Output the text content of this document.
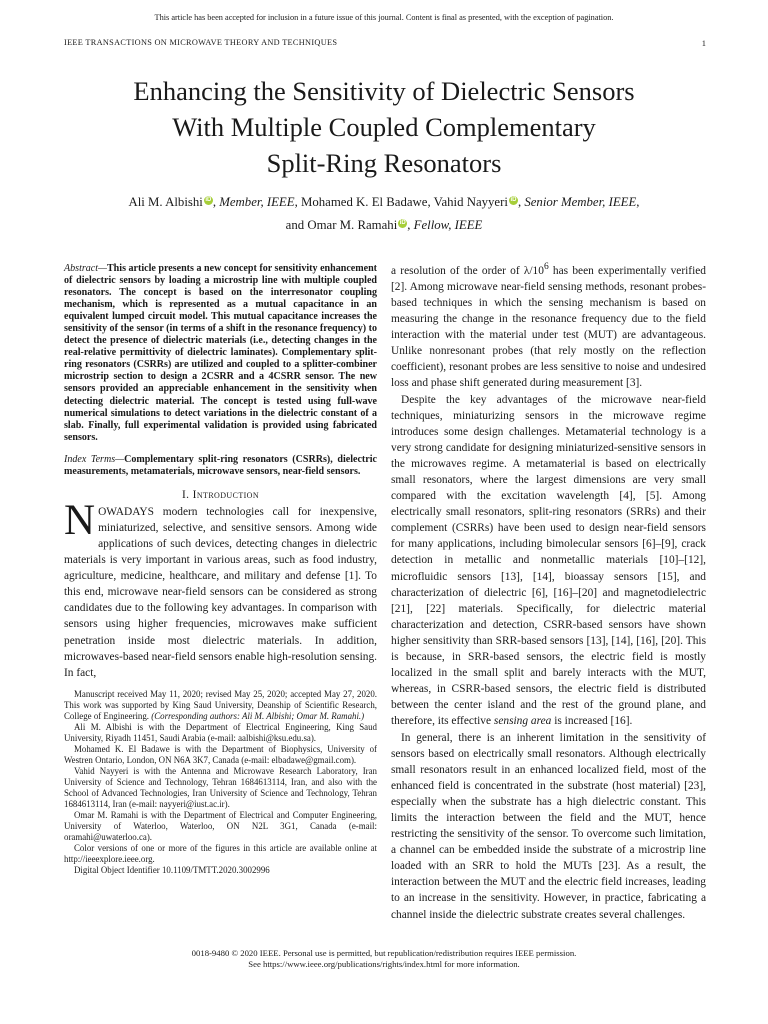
This article has been accepted for inclusion in a future issue of this journal. Content is final as presented, with the exception of pagination.
IEEE TRANSACTIONS ON MICROWAVE THEORY AND TECHNIQUES	1
Enhancing the Sensitivity of Dielectric Sensors
With Multiple Coupled Complementary
Split-Ring Resonators
Ali M. Albishi iD , Member, IEEE, Mohamed K. El Badawe, Vahid Nayyeri iD , Senior Member, IEEE,
and Omar M. Ramahi iD , Fellow, IEEE

Abstract—This article presents a new concept for sensitivity enhancement of dielectric sensors by loading a microstrip line with multiple coupled resonators. The concept is based on the interresonator coupling mechanism, which is represented as a mutual capacitance in an equivalent lumped circuit model. This mutual capacitance increases the sensitivity of the sensor (in terms of a shift in the resonance frequency) to detect the presence of dielectric materials (i.e., detecting changes in the real-relative permittivity of dielectric laminates). Complementary split-ring resonators (CSRRs) are utilized and coupled to a splitter-combiner microstrip section to design a 2CSRR and a 4CSRR sensor. The new sensors provided an appreciable enhancement in the sensitivity when detecting dielectric material. The concept is tested using full-wave numerical simulations to detect variations in the dielectric constant of a slab. Finally, full experimental validation is provided using fabricated sensors.

Index Terms—Complementary split-ring resonators (CSRRs), dielectric measurements, metamaterials, microwave sensors, near-field sensors.

I. Introduction

NOWADAYS modern technologies call for inexpensive, miniaturized, selective, and sensitive sensors. Among wide applications of such devices, detecting changes in dielectric materials is very important in various areas, such as food industry, agriculture, medicine, healthcare, and military and defense [1]. To this end, microwave near-field sensors can be considered as strong candidates due to the following key advantages. In comparison with sensors using higher frequencies, microwaves make sufficient penetration inside most dielectric materials. In addition, microwaves-based near-field sensors enable high-resolution sensing. In fact,

Manuscript received May 11, 2020; revised May 25, 2020; accepted May 27, 2020. This work was supported by King Saud University, Deanship of Scientific Research, College of Engineering. (Corresponding authors: Ali M. Albishi; Omar M. Ramahi.)

Ali M. Albishi is with the Department of Electrical Engineering, King Saud University, Riyadh 11451, Saudi Arabia (e-mail: aalbishi@ksu.edu.sa).

Mohamed K. El Badawe is with the Department of Biophysics, University of Westren Ontario, London, ON N6A 3K7, Canada (e-mail: elbadawe@gmail.com).

Vahid Nayyeri is with the Antenna and Microwave Research Laboratory, Iran University of Science and Technology, Tehran 1684613114, Iran, and also with the School of Advanced Technologies, Iran University of Science and Technology, Tehran 1684613114, Iran (e-mail: nayyeri@iust.ac.ir).

Omar M. Ramahi is with the Department of Electrical and Computer Engineering, University of Waterloo, Waterloo, ON N2L 3G1, Canada (e-mail: oramahi@uwaterloo.ca).

Color versions of one or more of the figures in this article are available online at http://ieeexplore.ieee.org.

Digital Object Identifier 10.1109/TMTT.2020.3002996

a resolution of the order of $\lambda/10^6$ has been experimentally verified [2]. Among microwave near-field sensing methods, resonant probes-based techniques in which the sensing mechanism is based on measuring the change in the resonance frequency due to the field interaction with the material under test (MUT) are advantageous. Unlike nonresonant probes (that rely mostly on the reflection coefficient), resonant probes are less sensitive to noise and undesired loss and phase shift generated during measurement [3].

Despite the key advantages of the microwave near-field techniques, miniaturizing sensors in the microwave regime introduces some design challenges. Metamaterial technology is a very strong candidate for designing miniaturized-sensitive sensors in the microwaves regime. A metamaterial is based on electrically small resonators, where the largest dimensions are very small compared with the excitation wavelength [4], [5]. Among electrically small resonators, split-ring resonators (SRRs) and their complement (CSRRs) have been used to design near-field sensors for many applications, including bimolecular sensors [6]–[9], crack detection in metallic and nonmetallic materials [10]–[12], microfluidic sensors [13], [14], bioassay sensors [15], and characterization of dielectric [6], [16]–[20] and magnetodielectric [21], [22] materials. Specifically, for dielectric material characterization and detection, CSRR-based sensors have shown higher sensitivity than SRR-based sensors [13], [14], [16], [20]. This is because, in SRR-based sensors, the electric field is mostly localized in the small split and barely interacts with the MUT, whereas, in CSRR-based sensors, the electric field is distributed between the center island and the rest of the ground plane, and therefore, its effective sensing area is increased [16].

In general, there is an inherent limitation in the sensitivity of sensors based on electrically small resonators. Although electrically small resonators result in an enhanced localized field, most of the enhanced field is concentrated in the substrate (host material) [23], especially when the substrate has a high dielectric constant. This limits the interaction between the field and the MUT, hence restricting the sensitivity of the sensor. To overcome such limitation, a channel can be embedded inside the substrate of a microstrip line loaded with an SRR to hold the MUTs [23]. As a result, the interaction between the MUT and the electric field increases, leading to an increase in the sensitivity. However, in practice, fabricating a channel inside the dielectric substrate creates several challenges.

0018-9480 © 2020 IEEE. Personal use is permitted, but republication/redistribution requires IEEE permission.
See https://www.ieee.org/publications/rights/index.html for more information.
